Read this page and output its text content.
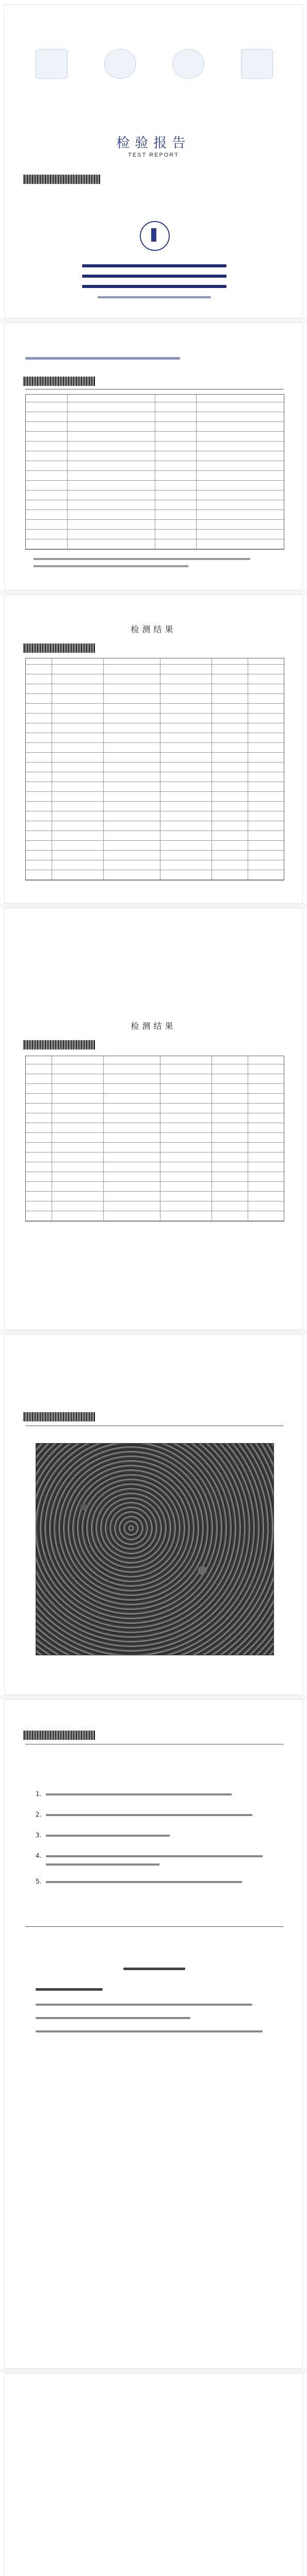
检验报告
TEST REPORT
检测结果
检测结果
1.
2.
3.
4.
5.
